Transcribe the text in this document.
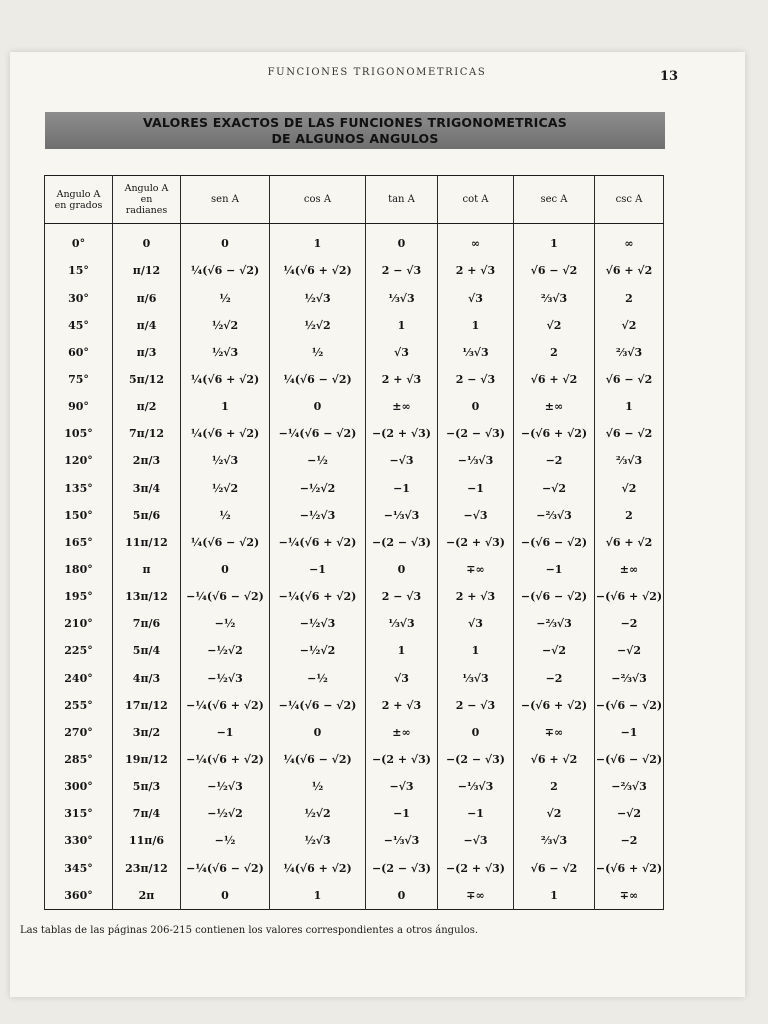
FUNCIONES TRIGONOMETRICAS	13
VALORES EXACTOS DE LAS FUNCIONES TRIGONOMETRICAS
DE ALGUNOS ANGULOS
Angulo A en grados	Angulo A en radianes	sen A	cos A	tan A	cot A	sec A	csc A
0°	0	0	1	0	∞	1	∞
15°	π/12	¼(√6 − √2)	¼(√6 + √2)	2 − √3	2 + √3	√6 − √2	√6 + √2
30°	π/6	½	½√3	⅓√3	√3	⅔√3	2
45°	π/4	½√2	½√2	1	1	√2	√2
60°	π/3	½√3	½	√3	⅓√3	2	⅔√3
75°	5π/12	¼(√6 + √2)	¼(√6 − √2)	2 + √3	2 − √3	√6 + √2	√6 − √2
90°	π/2	1	0	±∞	0	±∞	1
105°	7π/12	¼(√6 + √2)	−¼(√6 − √2)	−(2 + √3)	−(2 − √3)	−(√6 + √2)	√6 − √2
120°	2π/3	½√3	−½	−√3	−⅓√3	−2	⅔√3
135°	3π/4	½√2	−½√2	−1	−1	−√2	√2
150°	5π/6	½	−½√3	−⅓√3	−√3	−⅔√3	2
165°	11π/12	¼(√6 − √2)	−¼(√6 + √2)	−(2 − √3)	−(2 + √3)	−(√6 − √2)	√6 + √2
180°	π	0	−1	0	∓∞	−1	±∞
195°	13π/12	−¼(√6 − √2)	−¼(√6 + √2)	2 − √3	2 + √3	−(√6 − √2)	−(√6 + √2)
210°	7π/6	−½	−½√3	⅓√3	√3	−⅔√3	−2
225°	5π/4	−½√2	−½√2	1	1	−√2	−√2
240°	4π/3	−½√3	−½	√3	⅓√3	−2	−⅔√3
255°	17π/12	−¼(√6 + √2)	−¼(√6 − √2)	2 + √3	2 − √3	−(√6 + √2)	−(√6 − √2)
270°	3π/2	−1	0	±∞	0	∓∞	−1
285°	19π/12	−¼(√6 + √2)	¼(√6 − √2)	−(2 + √3)	−(2 − √3)	√6 + √2	−(√6 − √2)
300°	5π/3	−½√3	½	−√3	−⅓√3	2	−⅔√3
315°	7π/4	−½√2	½√2	−1	−1	√2	−√2
330°	11π/6	−½	½√3	−⅓√3	−√3	⅔√3	−2
345°	23π/12	−¼(√6 − √2)	¼(√6 + √2)	−(2 − √3)	−(2 + √3)	√6 − √2	−(√6 + √2)
360°	2π	0	1	0	∓∞	1	∓∞
Las tablas de las páginas 206-215 contienen los valores correspondientes a otros ángulos.
